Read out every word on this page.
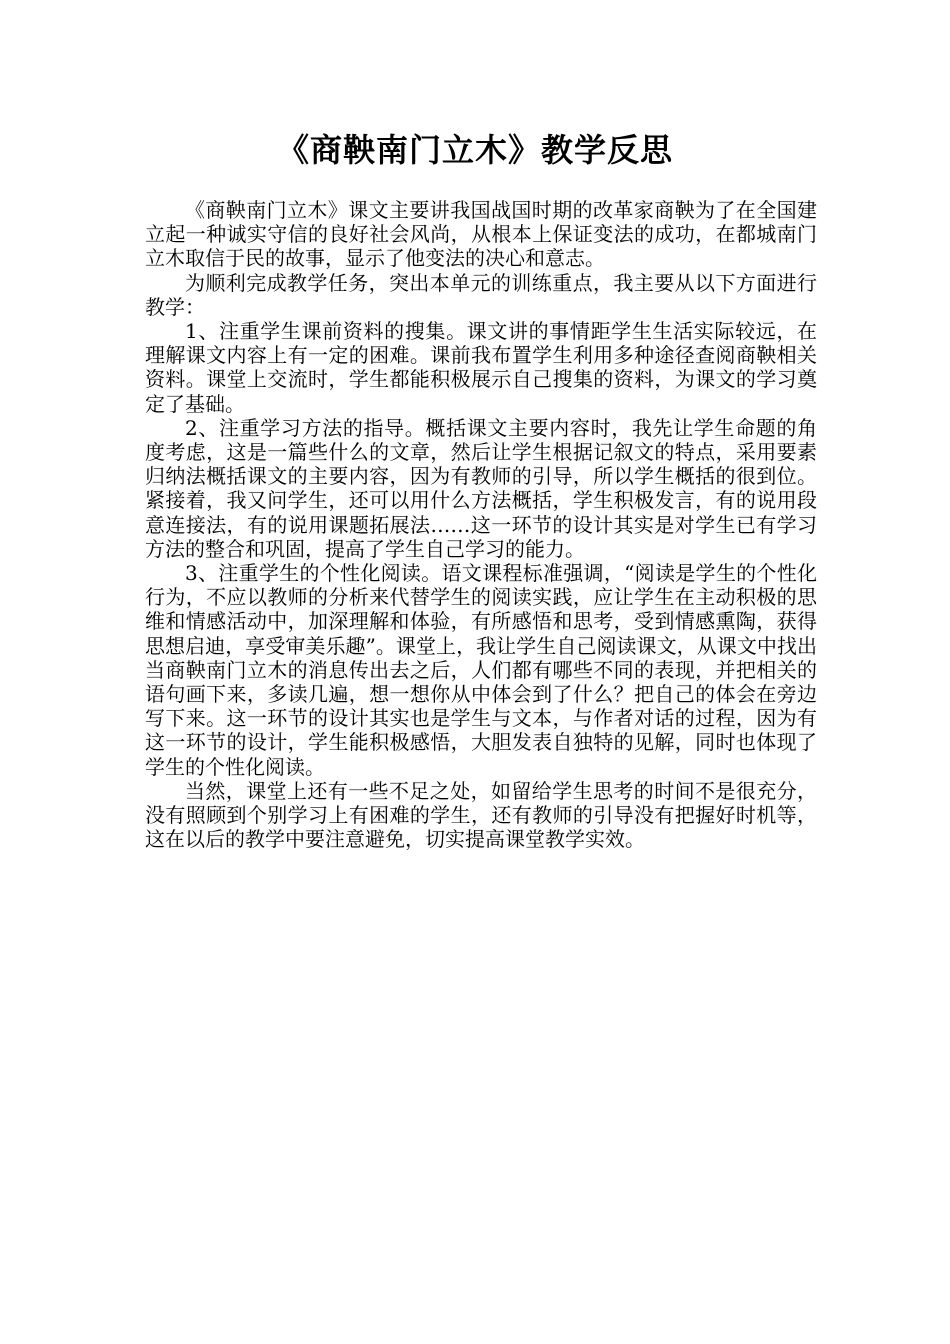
《商鞅南门立木》教学反思

《商鞅南门立木》课文主要讲我国战国时期的改革家商鞅为了在全国建立起一种诚实守信的良好社会风尚，从根本上保证变法的成功，在都城南门立木取信于民的故事，显示了他变法的决心和意志。

为顺利完成教学任务，突出本单元的训练重点，我主要从以下方面进行教学：

1、注重学生课前资料的搜集。课文讲的事情距学生生活实际较远，在理解课文内容上有一定的困难。课前我布置学生利用多种途径查阅商鞅相关资料。课堂上交流时，学生都能积极展示自己搜集的资料，为课文的学习奠定了基础。

2、注重学习方法的指导。概括课文主要内容时，我先让学生命题的角度考虑，这是一篇些什么的文章，然后让学生根据记叙文的特点，采用要素归纳法概括课文的主要内容，因为有教师的引导，所以学生概括的很到位。紧接着，我又问学生，还可以用什么方法概括，学生积极发言，有的说用段意连接法，有的说用课题拓展法……这一环节的设计其实是对学生已有学习方法的整合和巩固，提高了学生自己学习的能力。

3、注重学生的个性化阅读。语文课程标准强调，“阅读是学生的个性化行为，不应以教师的分析来代替学生的阅读实践，应让学生在主动积极的思维和情感活动中，加深理解和体验，有所感悟和思考，受到情感熏陶，获得思想启迪，享受审美乐趣”。课堂上，我让学生自己阅读课文，从课文中找出当商鞅南门立木的消息传出去之后，人们都有哪些不同的表现，并把相关的语句画下来，多读几遍，想一想你从中体会到了什么？把自己的体会在旁边写下来。这一环节的设计其实也是学生与文本，与作者对话的过程，因为有这一环节的设计，学生能积极感悟，大胆发表自独特的见解，同时也体现了学生的个性化阅读。

当然，课堂上还有一些不足之处，如留给学生思考的时间不是很充分，没有照顾到个别学习上有困难的学生，还有教师的引导没有把握好时机等，这在以后的教学中要注意避免，切实提高课堂教学实效。
